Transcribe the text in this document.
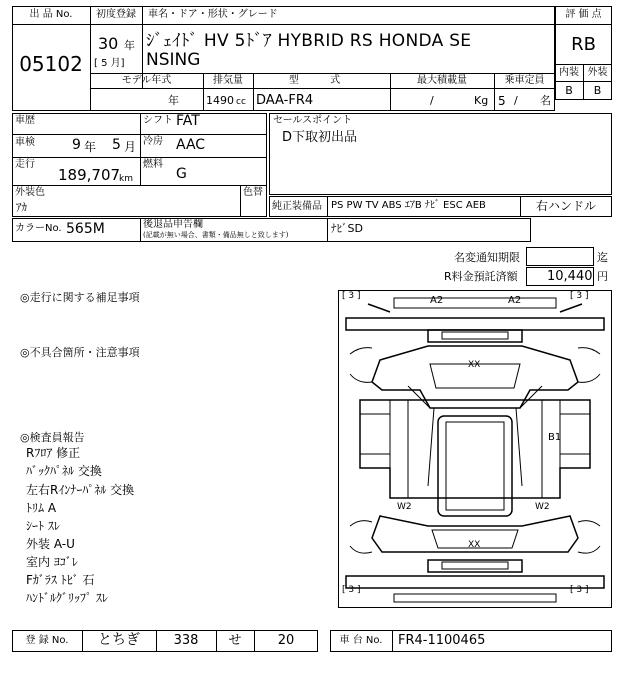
出 品 No.
05102
初度登録
30 年
[ 5 月]
車名・ドア・形状・グレード
ｼﾞｪｲﾄﾞ HV 5ﾄﾞｱ HYBRID RS HONDA SE
NSING
評 価 点
RB
内装 外装
B	B
モデル年式
年
排気量
1490 cc
型 式
DAA-FR4
最大積載量
/	Kg
乗車定員
5 / 名
車歴	シフト FAT
車検	9 年 5 月 冷房 AAC
走行
189,707
km
燃料
G
外装色
ｱｶ
色替
セールスポイント
D下取初出品
純正装備品 PS PW TV ABS ｴｱB ﾅﾋﾞ ESC AEB	右ハンドル
カラーNo. 565M	後退品申告欄
(記載が無い場合、書類・備品無しと致します)	ﾅﾋﾞSD
名変通知期限	迄
R料金預託済額 10,440 円
◎走行に関する補足事項
◎不具合箇所・注意事項
◎検査員報告
Rﾌﾛｱ 修正
ﾊﾞｯｸﾊﾟﾈﾙ 交換
左右Rｲﾝﾅｰﾊﾟﾈﾙ 交換
ﾄﾘﾑ A
ｼｰﾄ ｽﾚ
外装 A-U
室内 ﾖｺﾞﾚ
Fｶﾞﾗｽ ﾄﾋﾞ 石
ﾊﾝﾄﾞﾙｸﾞﾘｯﾌﾟ ｽﾚ
[ 3 ]	[ 3 ]
[ 3 ]	[ 3 ]
A2	A2
XX
B1
W2	W2
XX
登 録 No.	とちぎ	338	せ	20	車 台 No.	FR4-1100465
